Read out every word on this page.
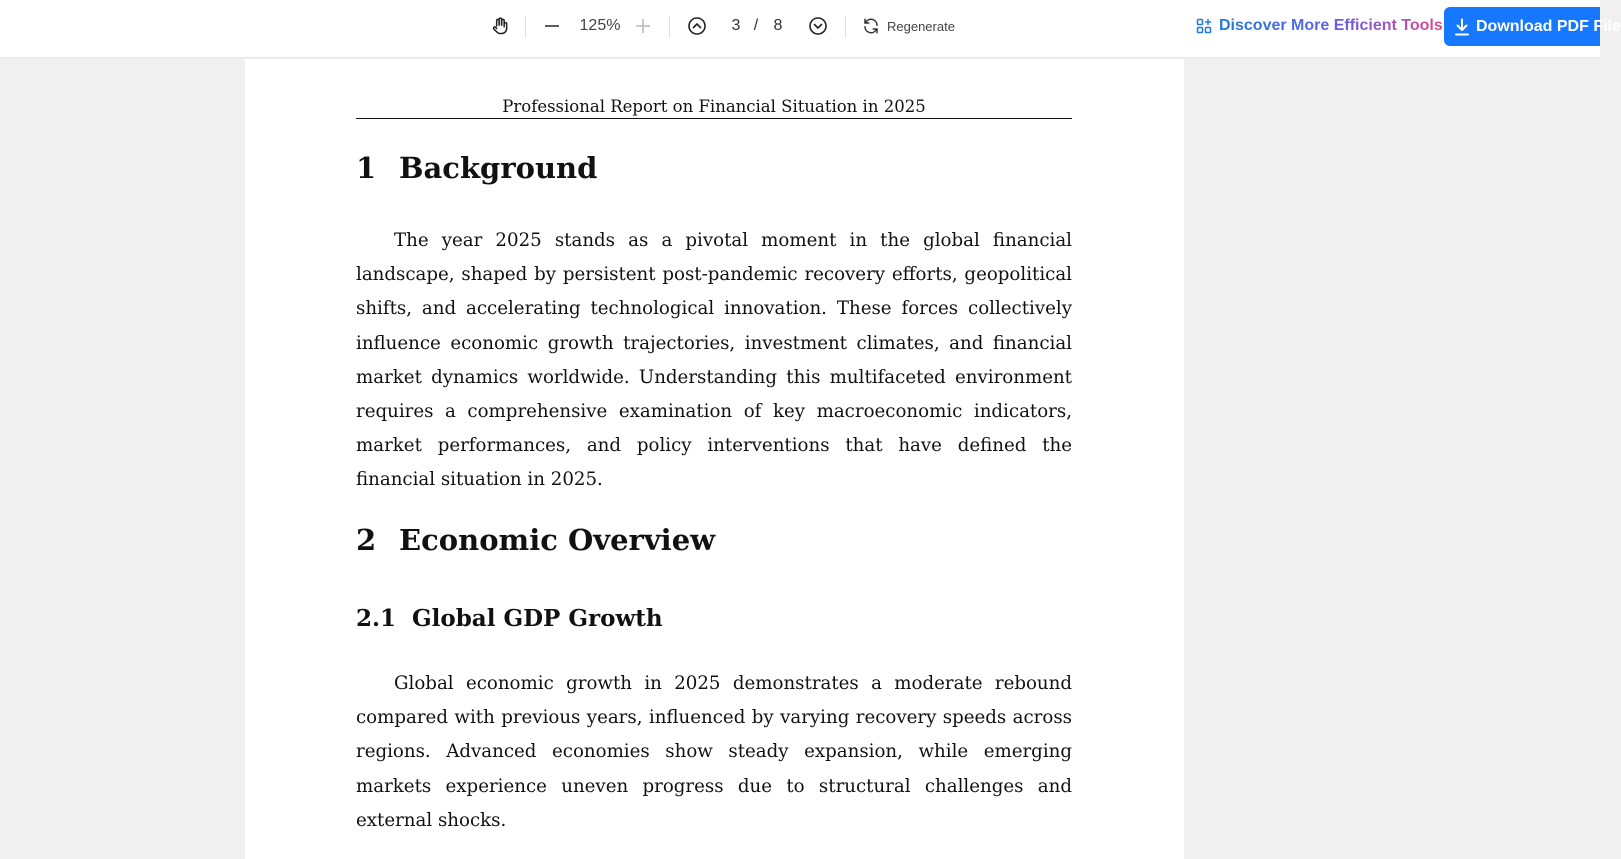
125%	3 / 8	Regenerate	Discover More Efficient Tools Download PDF File
Professional Report on Financial Situation in 2025
1 Background

The year 2025 stands as a pivotal moment in the global financial landscape, shaped by persistent post-pandemic recovery efforts, geopolitical shifts, and accelerating technological innovation. These forces collectively influence economic growth trajectories, investment climates, and financial market dynamics worldwide. Understanding this multifaceted environment requires a comprehensive examination of key macroeconomic indicators, market performances, and policy interventions that have defined the financial situation in 2025.

2 Economic Overview
2.1 Global GDP Growth

Global economic growth in 2025 demonstrates a moderate rebound compared with previous years, influenced by varying recovery speeds across regions. Advanced economies show steady expansion, while emerging markets experience uneven progress due to structural challenges and external shocks.
